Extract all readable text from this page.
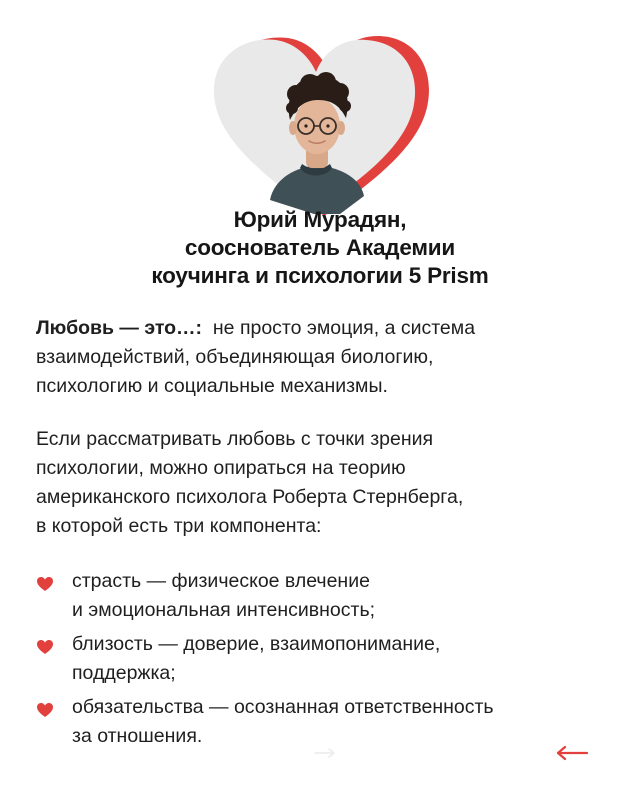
Юрий Мурадян,
сооснователь Академии
коучинга и психологии 5 Prism

Любовь — это…: не просто эмоция, а система
взаимодействий, объединяющая биологию,
психологию и социальные механизмы.

Если рассматривать любовь с точки зрения
психологии, можно опираться на теорию
американского психолога Роберта Стернберга,
в которой есть три компонента:

страсть — физическое влечение
и эмоциональная интенсивность;
близость — доверие, взаимопонимание,
поддержка;
обязательства — осознанная ответственность
за отношения.
